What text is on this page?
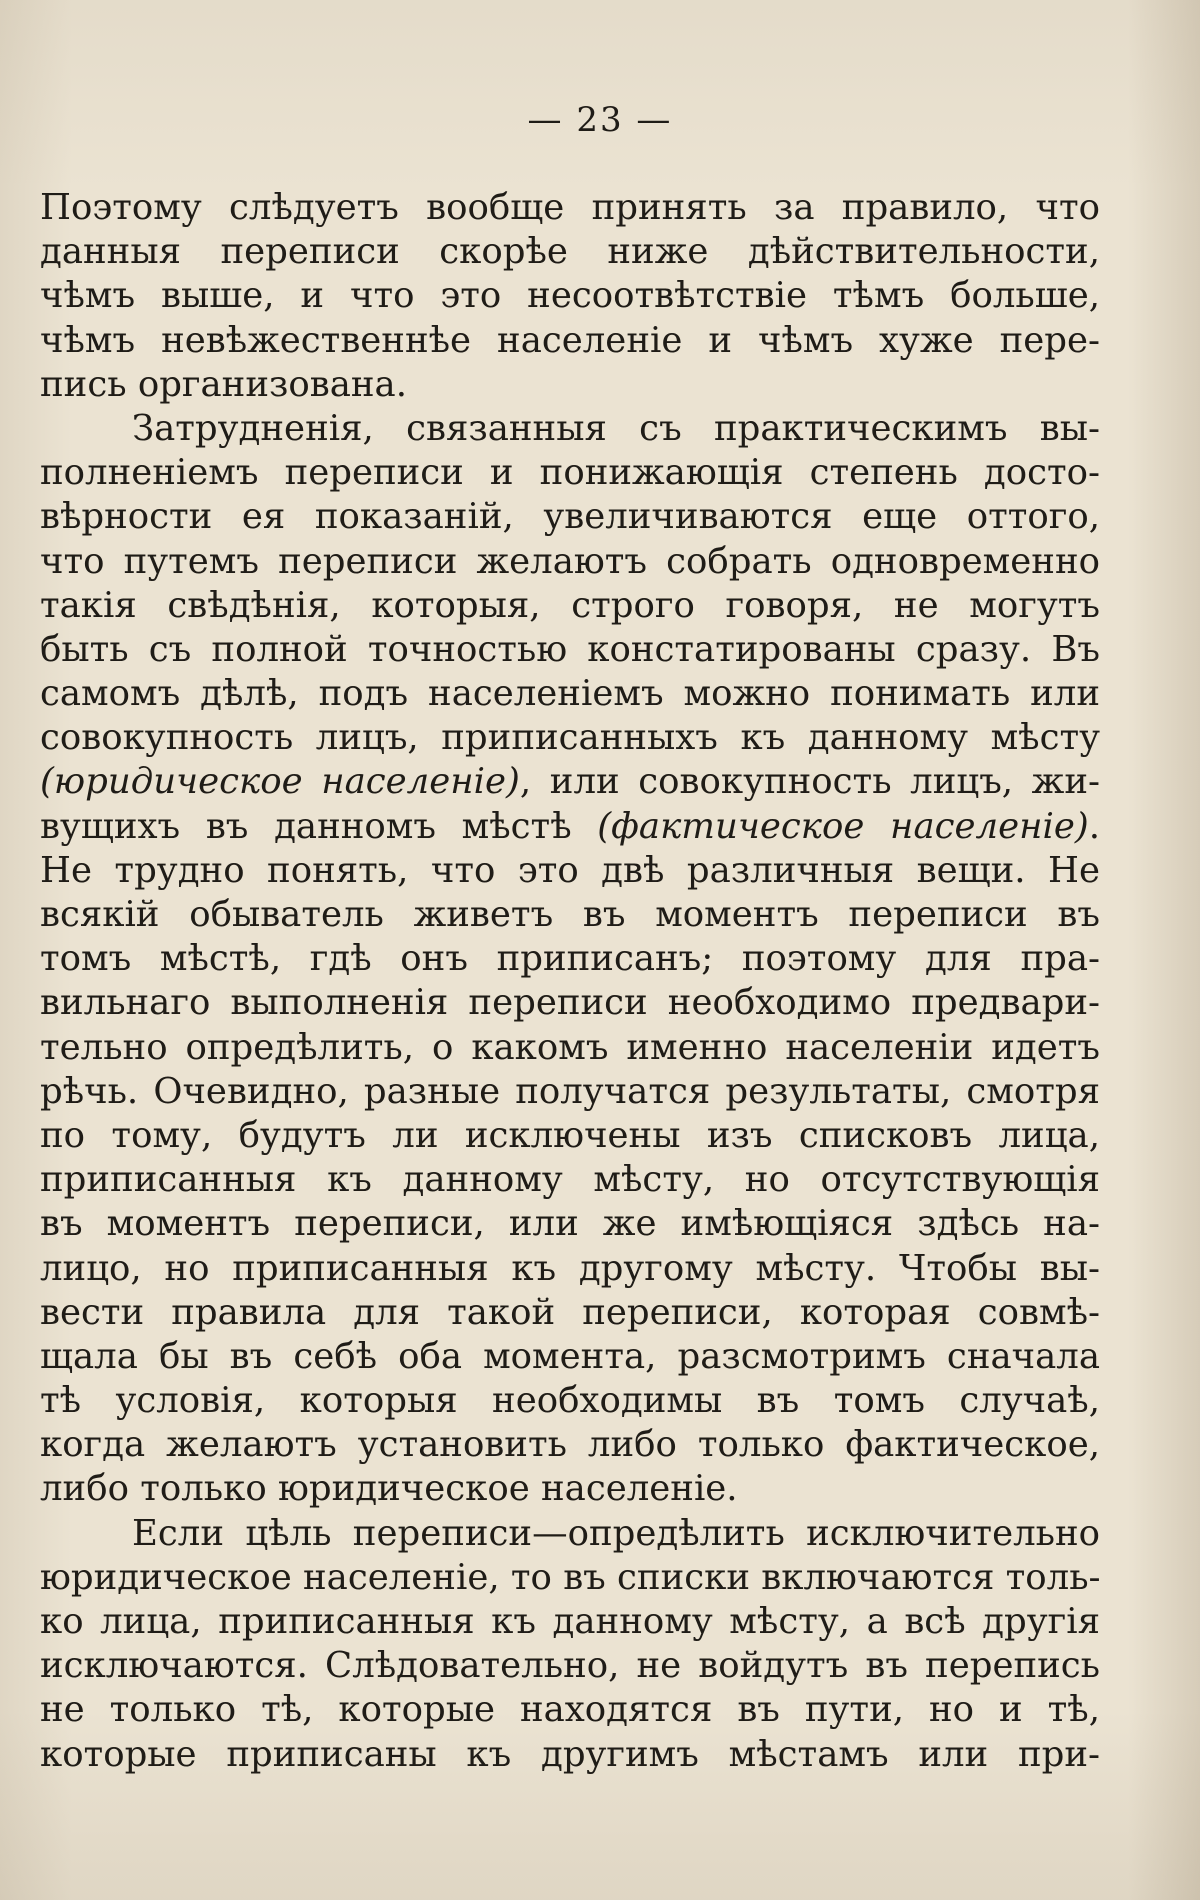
— 23 —
Поэтому слѣдуетъ вообще принять за правило, что
данныя переписи скорѣе ниже дѣйствительности,
чѣмъ выше, и что это несоотвѣтствіе тѣмъ больше,
чѣмъ невѣжественнѣе населеніе и чѣмъ хуже пере-
пись организована.
Затрудненія, связанныя съ практическимъ вы-
полненіемъ переписи и понижающія степень досто-
вѣрности ея показаній, увеличиваются еще оттого,
что путемъ переписи желаютъ собрать одновременно
такія свѣдѣнія, которыя, строго говоря, не могутъ
быть съ полной точностью констатированы сразу. Въ
самомъ дѣлѣ, подъ населеніемъ можно понимать или
совокупность лицъ, приписанныхъ къ данному мѣсту
(юридическое населеніе), или совокупность лицъ, жи-
вущихъ въ данномъ мѣстѣ (фактическое населеніе).
Не трудно понять, что это двѣ различныя вещи. Не
всякій обыватель живетъ въ моментъ переписи въ
томъ мѣстѣ, гдѣ онъ приписанъ; поэтому для пра-
вильнаго выполненія переписи необходимо предвари-
тельно опредѣлить, о какомъ именно населеніи идетъ
рѣчь. Очевидно, разные получатся результаты, смотря
по тому, будутъ ли исключены изъ списковъ лица,
приписанныя къ данному мѣсту, но отсутствующія
въ моментъ переписи, или же имѣющіяся здѣсь на-
лицо, но приписанныя къ другому мѣсту. Чтобы вы-
вести правила для такой переписи, которая совмѣ-
щала бы въ себѣ оба момента, разсмотримъ сначала
тѣ условія, которыя необходимы въ томъ случаѣ,
когда желаютъ установить либо только фактическое,
либо только юридическое населеніе.
Если цѣль переписи—опредѣлить исключительно
юридическое населеніе, то въ списки включаются толь-
ко лица, приписанныя къ данному мѣсту, а всѣ другія
исключаются. Слѣдовательно, не войдутъ въ перепись
не только тѣ, которые находятся въ пути, но и тѣ,
которые приписаны къ другимъ мѣстамъ или при-
